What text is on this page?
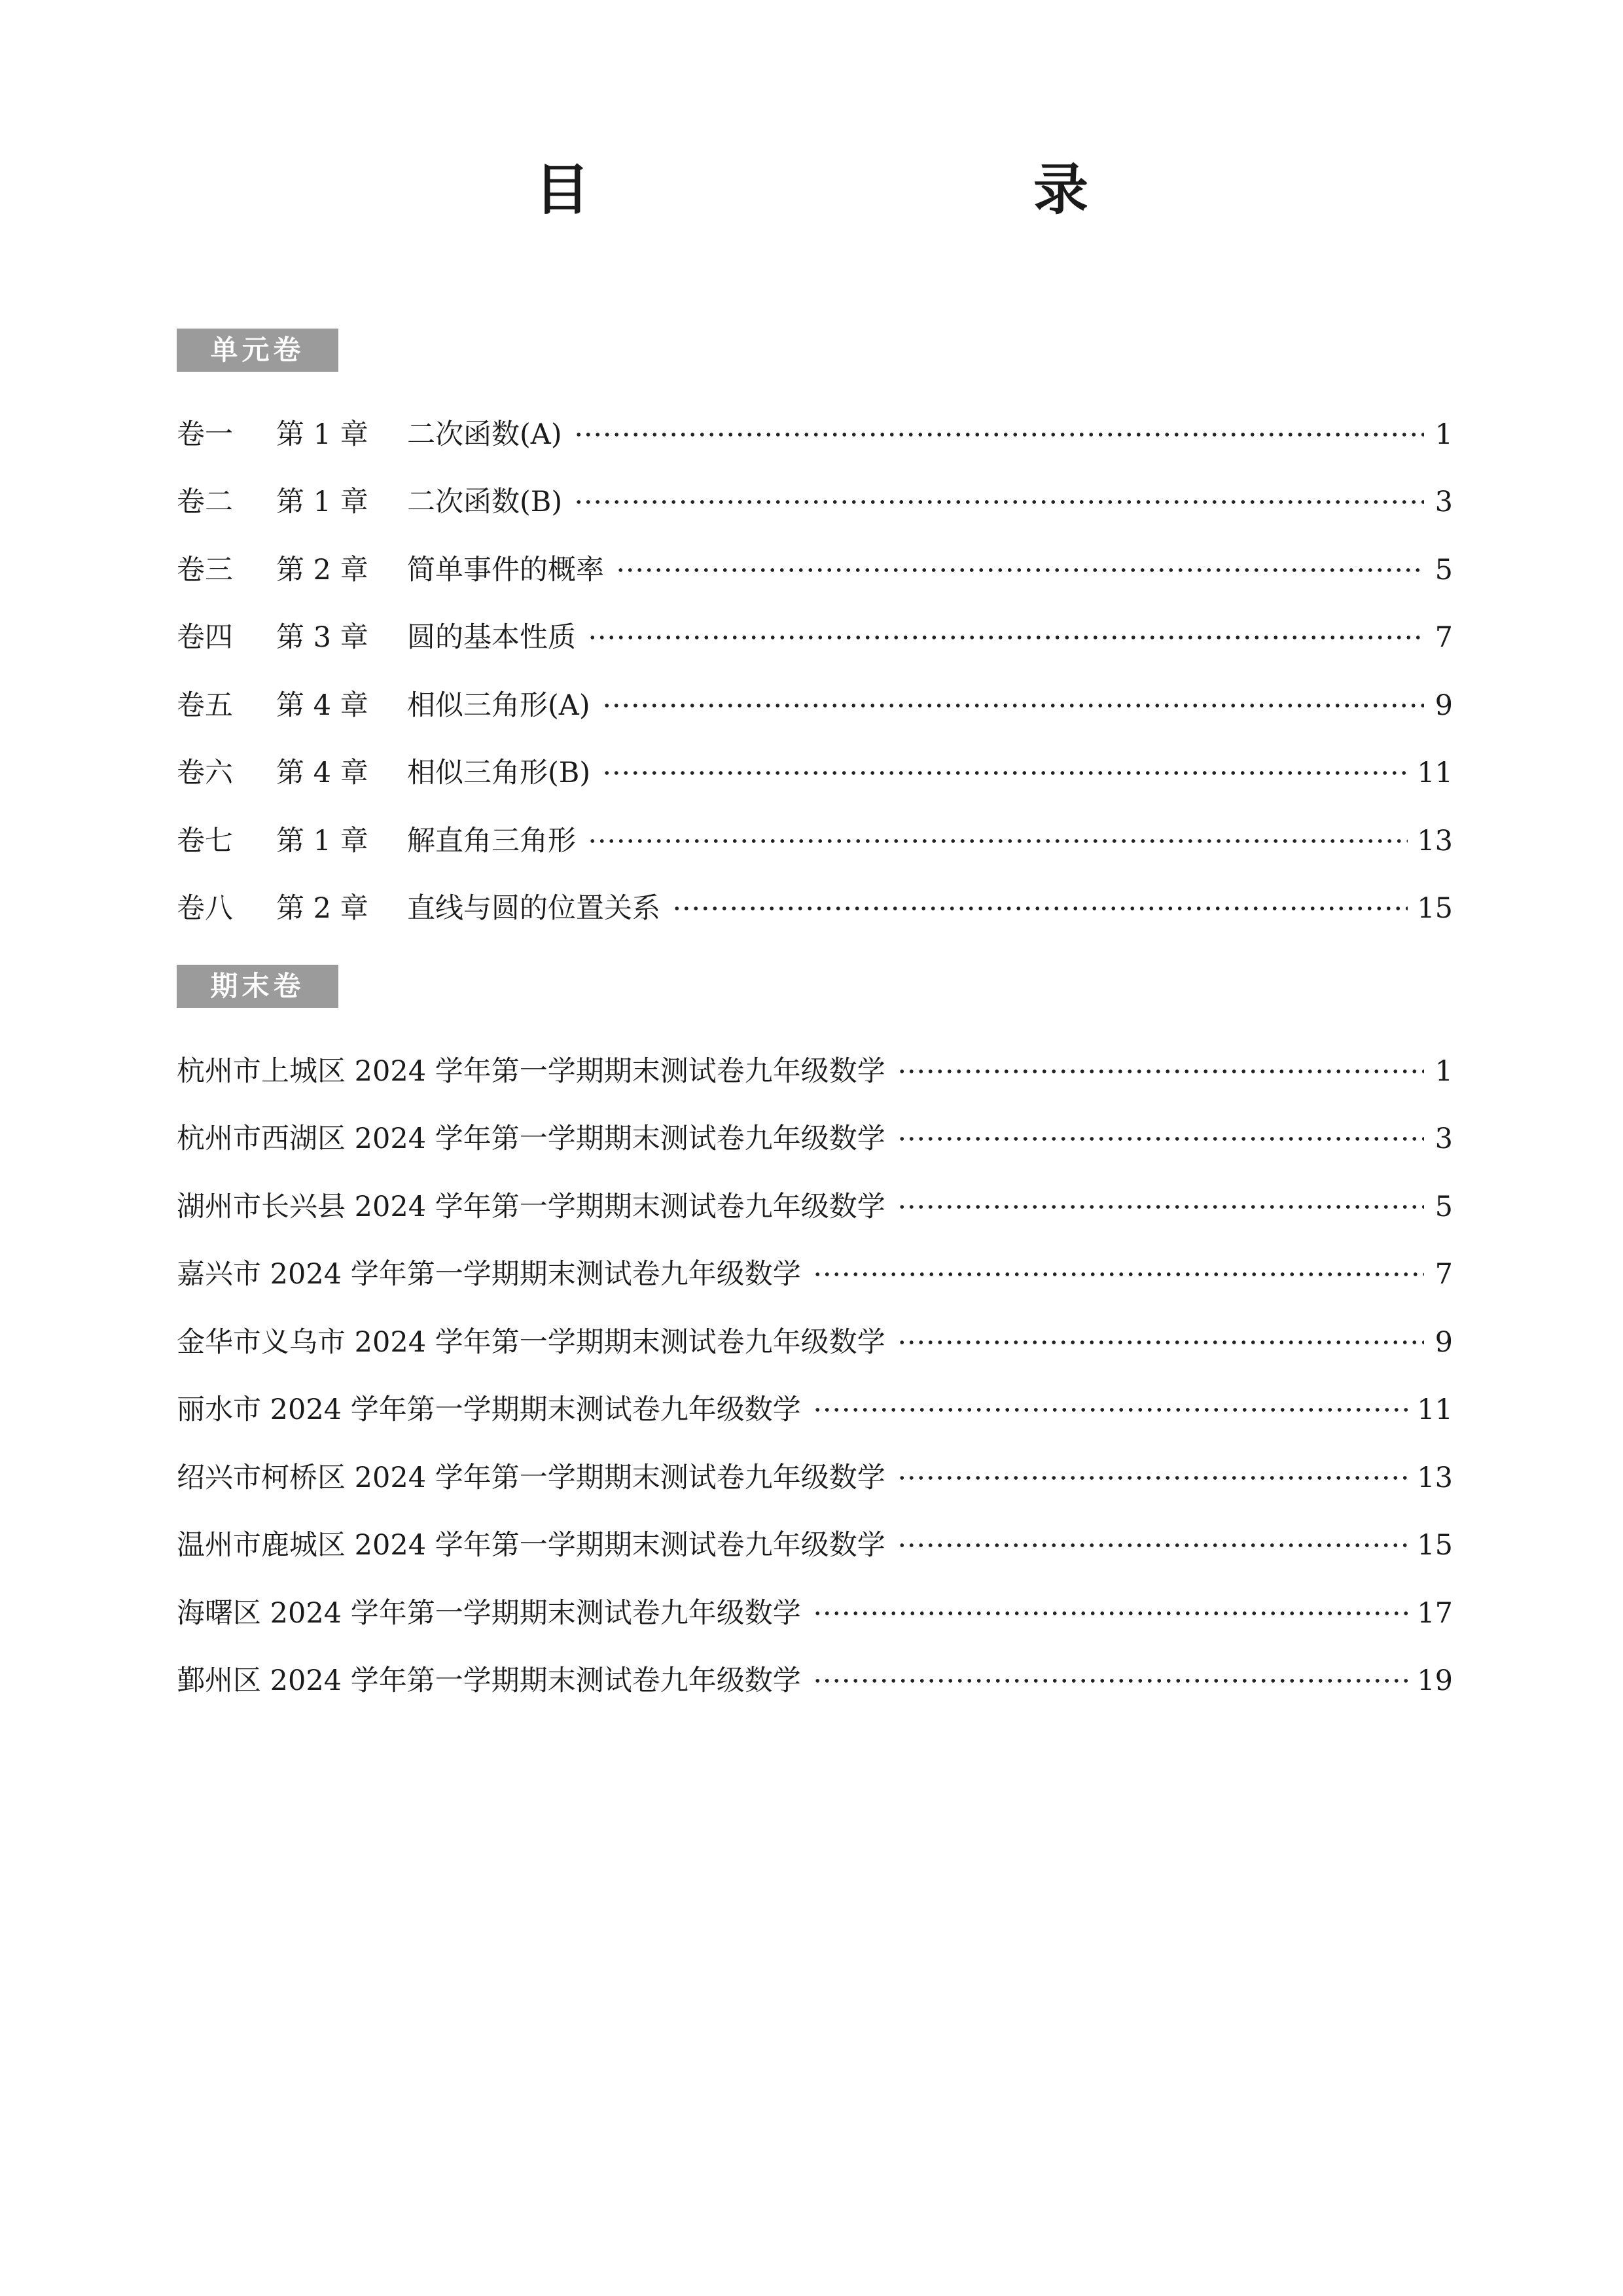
目　　录
单元卷
卷一	第 1 章	二次函数(A)	1
卷二	第 1 章	二次函数(B)	3
卷三	第 2 章	简单事件的概率	5
卷四	第 3 章	圆的基本性质	7
卷五	第 4 章	相似三角形(A)	9
卷六	第 4 章	相似三角形(B)	11
卷七	第 1 章	解直角三角形	13
卷八	第 2 章	直线与圆的位置关系	15
期末卷
杭州市上城区 2024 学年第一学期期末测试卷九年级数学	1
杭州市西湖区 2024 学年第一学期期末测试卷九年级数学	3
湖州市长兴县 2024 学年第一学期期末测试卷九年级数学	5
嘉兴市 2024 学年第一学期期末测试卷九年级数学	7
金华市义乌市 2024 学年第一学期期末测试卷九年级数学	9
丽水市 2024 学年第一学期期末测试卷九年级数学	11
绍兴市柯桥区 2024 学年第一学期期末测试卷九年级数学	13
温州市鹿城区 2024 学年第一学期期末测试卷九年级数学	15
海曙区 2024 学年第一学期期末测试卷九年级数学	17
鄞州区 2024 学年第一学期期末测试卷九年级数学	19
